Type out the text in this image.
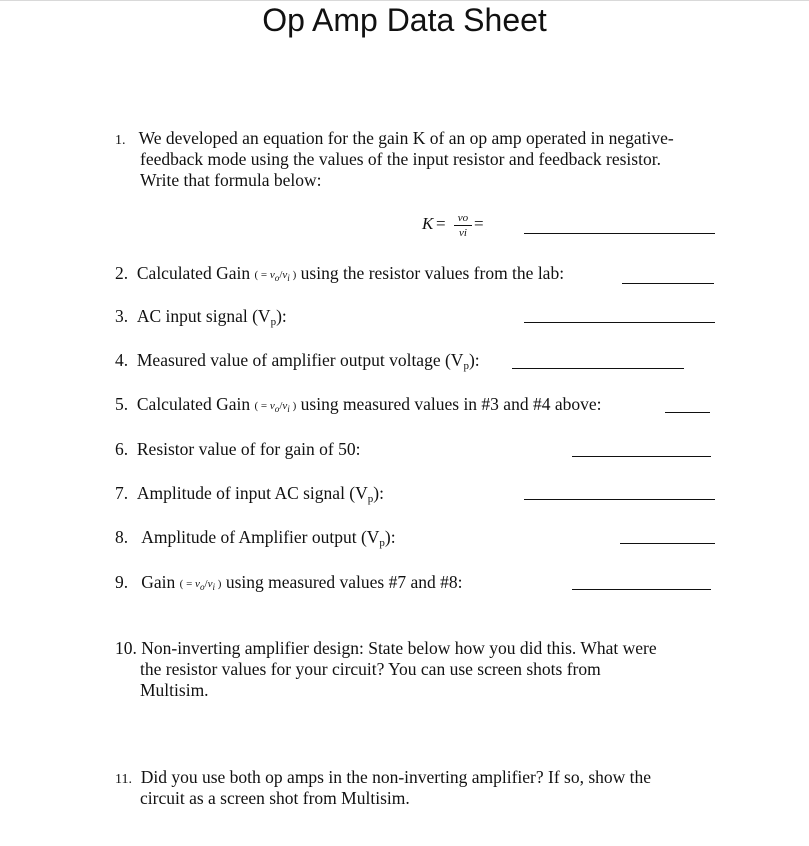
Op Amp Data Sheet
1. We developed an equation for the gain K of an op amp operated in negative-
feedback mode using the values of the input resistor and feedback resistor.
Write that formula below:
K =	vo
vi =
2. Calculated Gain ( = $v_o/v_i$ ) using the resistor values from the lab:
3. AC input signal $(V_p)$:
4. Measured value of amplifier output voltage $(V_p)$:
5. Calculated Gain ( = $v_o/v_i$ ) using measured values in #3 and #4 above:
6. Resistor value of for gain of 50:
7. Amplitude of input AC signal $(V_p)$:
8. Amplitude of Amplifier output $(V_p)$:
9. Gain ( = $v_o/v_i$ ) using measured values #7 and #8:
10. Non-inverting amplifier design: State below how you did this. What were
the resistor values for your circuit? You can use screen shots from
Multisim.
11. Did you use both op amps in the non-inverting amplifier? If so, show the
circuit as a screen shot from Multisim.
